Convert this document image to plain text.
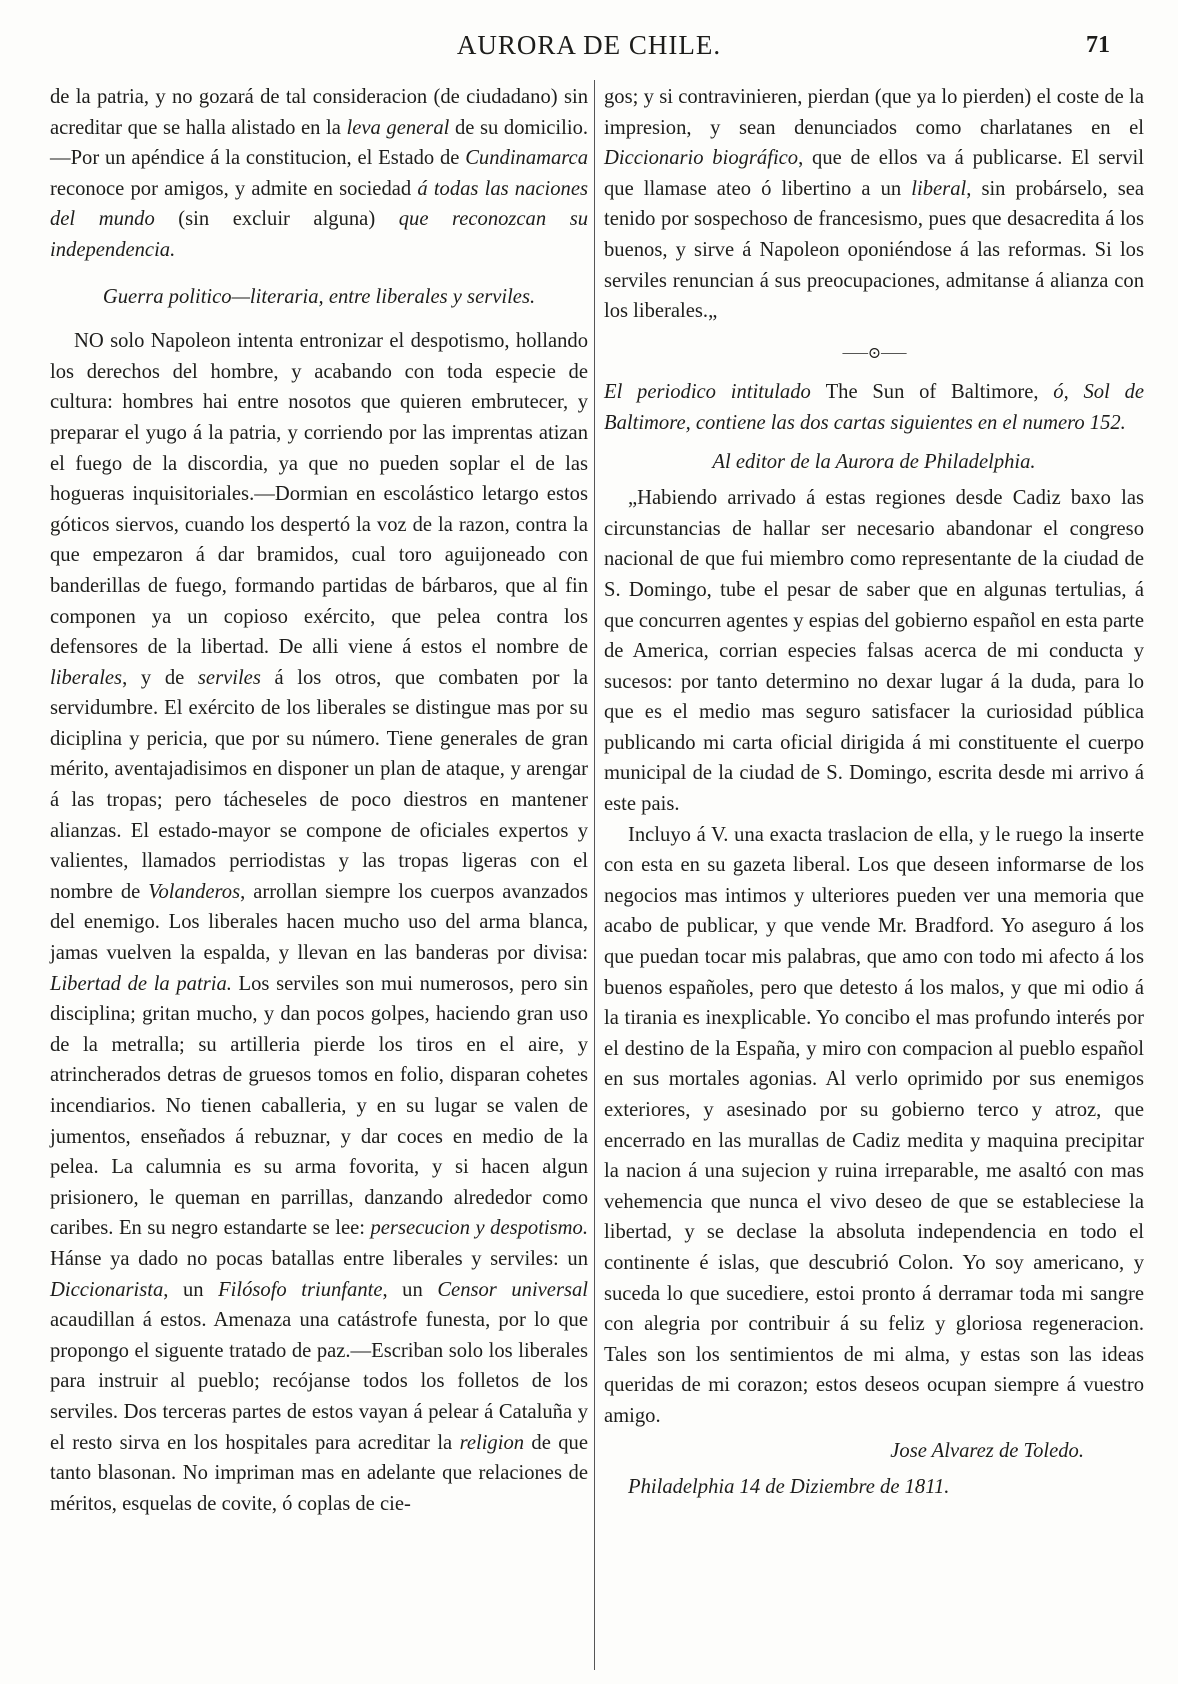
AURORA DE CHILE.	71

de la patria, y no gozará de tal consideracion (de ciudadano) sin acreditar que se halla alistado en la leva general de su domicilio.—Por un apéndice á la constitucion, el Estado de Cundinamarca reconoce por amigos, y admite en sociedad á todas las naciones del mundo (sin excluir alguna) que reconozcan su independencia.

Guerra politico—literaria, entre liberales y serviles.

NO solo Napoleon intenta entronizar el despotismo, hollando los derechos del hombre, y acabando con toda especie de cultura: hombres hai entre nosotos que quieren embrutecer, y preparar el yugo á la patria, y corriendo por las imprentas atizan el fuego de la discordia, ya que no pueden soplar el de las hogueras inquisitoriales.—Dormian en escolástico letargo estos góticos siervos, cuando los despertó la voz de la razon, contra la que empezaron á dar bramidos, cual toro aguijoneado con banderillas de fuego, formando partidas de bárbaros, que al fin componen ya un copioso exército, que pelea contra los defensores de la libertad. De alli viene á estos el nombre de liberales, y de serviles á los otros, que combaten por la servidumbre. El exército de los liberales se distingue mas por su diciplina y pericia, que por su número. Tiene generales de gran mérito, aventajadisimos en disponer un plan de ataque, y arengar á las tropas; pero tácheseles de poco diestros en mantener alianzas. El estado-mayor se compone de oficiales expertos y valientes, llamados perriodistas y las tropas ligeras con el nombre de Volanderos, arrollan siempre los cuerpos avanzados del enemigo. Los liberales hacen mucho uso del arma blanca, jamas vuelven la espalda, y llevan en las banderas por divisa: Libertad de la patria. Los serviles son mui numerosos, pero sin disciplina; gritan mucho, y dan pocos golpes, haciendo gran uso de la metralla; su artilleria pierde los tiros en el aire, y atrincherados detras de gruesos tomos en folio, disparan cohetes incendiarios. No tienen caballeria, y en su lugar se valen de jumentos, enseñados á rebuznar, y dar coces en medio de la pelea. La calumnia es su arma fovorita, y si hacen algun prisionero, le queman en parrillas, danzando alrededor como caribes. En su negro estandarte se lee: persecucion y despotismo. Hánse ya dado no pocas batallas entre liberales y serviles: un Diccionarista, un Filósofo triunfante, un Censor universal acaudillan á estos. Amenaza una catástrofe funesta, por lo que propongo el siguente tratado de paz.—Escriban solo los liberales para instruir al pueblo; recójanse todos los folletos de los serviles. Dos terceras partes de estos vayan á pelear á Cataluña y el resto sirva en los hospitales para acreditar la religion de que tanto blasonan. No impriman mas en adelante que relaciones de méritos, esquelas de covite, ó coplas de cie-

gos; y si contravinieren, pierdan (que ya lo pierden) el coste de la impresion, y sean denunciados como charlatanes en el Diccionario biográfico, que de ellos va á publicarse. El servil que llamase ateo ó libertino a un liberal, sin probárselo, sea tenido por sospechoso de francesismo, pues que desacredita á los buenos, y sirve á Napoleon oponiéndose á las reformas. Si los serviles renuncian á sus preocupaciones, admitanse á alianza con los liberales.„

⸺⊙⸺

El periodico intitulado The Sun of Baltimore, ó, Sol de Baltimore, contiene las dos cartas siguientes en el numero 152.

Al editor de la Aurora de Philadelphia.

„Habiendo arrivado á estas regiones desde Cadiz baxo las circunstancias de hallar ser necesario abandonar el congreso nacional de que fui miembro como representante de la ciudad de S. Domingo, tube el pesar de saber que en algunas tertulias, á que concurren agentes y espias del gobierno español en esta parte de America, corrian especies falsas acerca de mi conducta y sucesos: por tanto determino no dexar lugar á la duda, para lo que es el medio mas seguro satisfacer la curiosidad pública publicando mi carta oficial dirigida á mi constituente el cuerpo municipal de la ciudad de S. Domingo, escrita desde mi arrivo á este pais.

Incluyo á V. una exacta traslacion de ella, y le ruego la inserte con esta en su gazeta liberal. Los que deseen informarse de los negocios mas intimos y ulteriores pueden ver una memoria que acabo de publicar, y que vende Mr. Bradford. Yo aseguro á los que puedan tocar mis palabras, que amo con todo mi afecto á los buenos españoles, pero que detesto á los malos, y que mi odio á la tirania es inexplicable. Yo concibo el mas profundo interés por el destino de la España, y miro con compacion al pueblo español en sus mortales agonias. Al verlo oprimido por sus enemigos exteriores, y asesinado por su gobierno terco y atroz, que encerrado en las murallas de Cadiz medita y maquina precipitar la nacion á una sujecion y ruina irreparable, me asaltó con mas vehemencia que nunca el vivo deseo de que se estableciese la libertad, y se declase la absoluta independencia en todo el continente é islas, que descubrió Colon. Yo soy americano, y suceda lo que sucediere, estoi pronto á derramar toda mi sangre con alegria por contribuir á su feliz y gloriosa regeneracion. Tales son los sentimientos de mi alma, y estas son las ideas queridas de mi corazon; estos deseos ocupan siempre á vuestro amigo.

Jose Alvarez de Toledo.
Philadelphia 14 de Diziembre de 1811.
